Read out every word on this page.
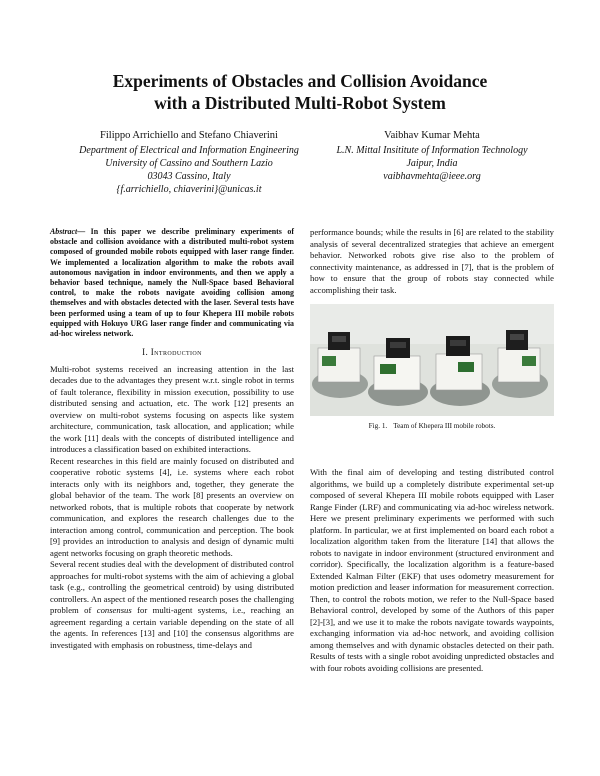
Experiments of Obstacles and Collision Avoidance
with a Distributed Multi-Robot System
Filippo Arrichiello and Stefano Chiaverini
Department of Electrical and Information Engineering
University of Cassino and Southern Lazio
03043 Cassino, Italy
{f.arrichiello, chiaverini}@unicas.it
Vaibhav Kumar Mehta
L.N. Mittal Insititute of Information Technology
Jaipur, India
vaibhavmehta@ieee.org

Abstract— In this paper we describe preliminary experiments of obstacle and collision avoidance with a distributed multi-robot system composed of grounded mobile robots equipped with laser range finder. We implemented a localization algorithm to make the robots avail autonomous navigation in indoor environments, and then we apply a behavior based technique, namely the Null-Space based Behavioral control, to make the robots navigate avoiding collision among themselves and with obstacles detected with the laser. Several tests have been performed using a team of up to four Khepera III mobile robots equipped with Hokuyo URG laser range finder and communicating via ad-hoc wireless network.

I. Introduction

Multi-robot systems received an increasing attention in the last decades due to the advantages they present w.r.t. single robot in terms of fault tolerance, flexibility in mission execution, possibility to use distributed sensing and actuation, etc. The work [12] presents an overview on multi-robot systems focusing on aspects like system architecture, communication, task allocation, and application; while the work [11] deals with the concepts of distributed intelligence and introduces a classification based on exhibited interactions.

Recent researches in this field are mainly focused on distributed and cooperative robotic systems [4], i.e. systems where each robot interacts only with its neighbors and, together, they generate the global behavior of the team. The work [8] presents an overview on networked robots, that is multiple robots that cooperate by network communication, and explores the research challenges due to the interaction among control, communication and perception. The book [9] provides an introduction to analysis and design of dynamic multi agent networks focusing on graph theoretic methods.

Several recent studies deal with the development of distributed control approaches for multi-robot systems with the aim of achieving a global task (e.g., controlling the geometrical centroid) by using distributed controllers. An aspect of the mentioned research poses the challenging problem of consensus for multi-agent systems, i.e., reaching an agreement regarding a certain variable depending on the state of all the agents. In references [13] and [10] the consensus algorithms are investigated with emphasis on robustness, time-delays and

performance bounds; while the results in [6] are related to the stability analysis of several decentralized strategies that achieve an emergent behavior. Networked robots give rise also to the problem of connectivity maintenance, as addressed in [7], that is the problem of how to ensure that the group of robots stay connected while accomplishing their task.

Fig. 1. Team of Khepera III mobile robots.

With the final aim of developing and testing distributed control algorithms, we build up a completely distribute experimental set-up composed of several Khepera III mobile robots equipped with Laser Range Finder (LRF) and communicating via ad-hoc wireless network. Here we present preliminary experiments we performed with such platform. In particular, we at first implemented on board each robot a localization algorithm taken from the literature [14] that allows the robots to navigate in indoor environment (structured environment and corridor). Specifically, the localization algorithm is a feature-based Extended Kalman Filter (EKF) that uses odometry measurement for motion prediction and leaser information for measurement correction. Then, to control the robots motion, we refer to the Null-Space based Behavioral control, developed by some of the Authors of this paper [2]-[3], and we use it to make the robots navigate towards waypoints, exchanging information via ad-hoc network, and avoiding collision among themselves and with dynamic obstacles detected on their path. Results of tests with a single robot avoiding unpredicted obstacles and with four robots avoiding collisions are presented.
